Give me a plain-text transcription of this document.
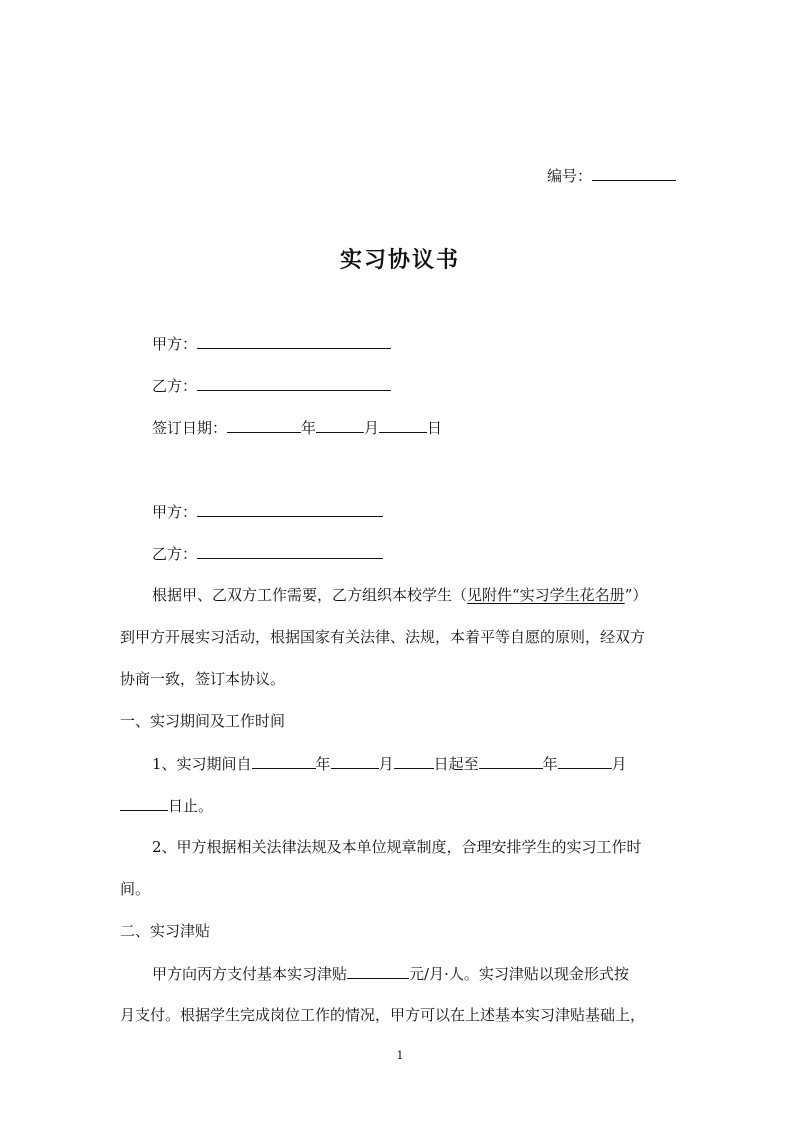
编号：
实习协议书
甲方：
乙方：
签订日期：	年	月	日
甲方：
乙方：
根据甲、乙双方工作需要，乙方组织本校学生（见附件“实习学生花名册”）
到甲方开展实习活动，根据国家有关法律、法规，本着平等自愿的原则，经双方
协商一致，签订本协议。
一、实习期间及工作时间
1、实习期间自	年	月	日起至	年	月
日止。
2、甲方根据相关法律法规及本单位规章制度，合理安排学生的实习工作时
间。
二、实习津贴
甲方向丙方支付基本实习津贴	元/月·人。实习津贴以现金形式按
月支付。根据学生完成岗位工作的情况，甲方可以在上述基本实习津贴基础上，
1
